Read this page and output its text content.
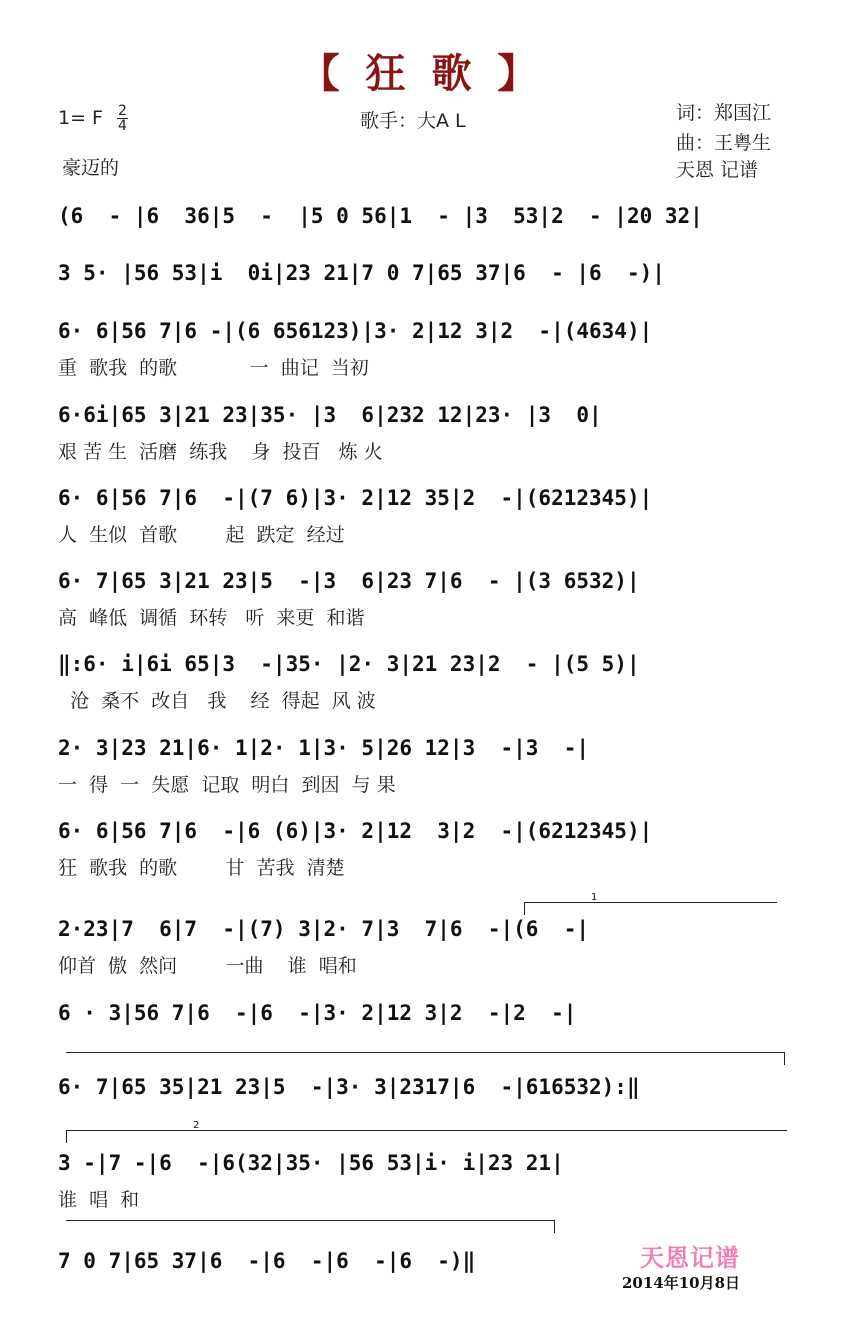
【 狂 歌 】
1= F $\frac{2}{4}$	歌手：大A L	词：郑国江
曲：王粤生
天恩 记谱
豪迈的
(6  - |6  36|5  -  |5 0 56|1  - |3  53|2  - |20 32|
3 5· |56 53|i  0i|23 21|7 0 7|65 37|6  - |6  -)|
6· 6|56 7|6 -|(6 656123)|3· 2|12 3|2  -|(4634)|
重  歌我  的歌            一  曲记  当初
6·6i|65 3|21 23|35· |3  6|232 12|23· |3  0|
艰 苦 生  活磨  练我    身  投百   炼 火
6· 6|56 7|6  -|(7 6)|3· 2|12 35|2  -|(6212345)|
人  生似  首歌        起  跌定  经过
6· 7|65 3|21 23|5  -|3  6|23 7|6  - |(3 6532)|
高  峰低  调循  环转   听  来更  和谐
‖:6· i|6i 65|3  -|35· |2· 3|21 23|2  - |(5 5)|
沧  桑不  改自   我    经  得起  风 波
2· 3|23 21|6· 1|2· 1|3· 5|26 12|3  -|3  -|
一  得  一  失愿  记取  明白  到因  与 果
6· 6|56 7|6  -|6 (6)|3· 2|12  3|2  -|(6212345)|
狂  歌我  的歌        甘  苦我  清楚
2·23|7  6|7  -|(7) 3|2· 7|3  7|6  -|(6  -|
仰首  傲  然问        一曲    谁  唱和
6 · 3|56 7|6  -|6  -|3· 2|12 3|2  -|2  -|
6· 7|65 35|21 23|5  -|3· 3|2317|6  -|616532):‖
3 -|7 -|6  -|6(32|35· |56 53|i· i|23 21|
谁  唱  和
7 0 7|65 37|6  -|6  -|6  -|6  -)‖
1
2
天恩记谱
2014年10月8日
